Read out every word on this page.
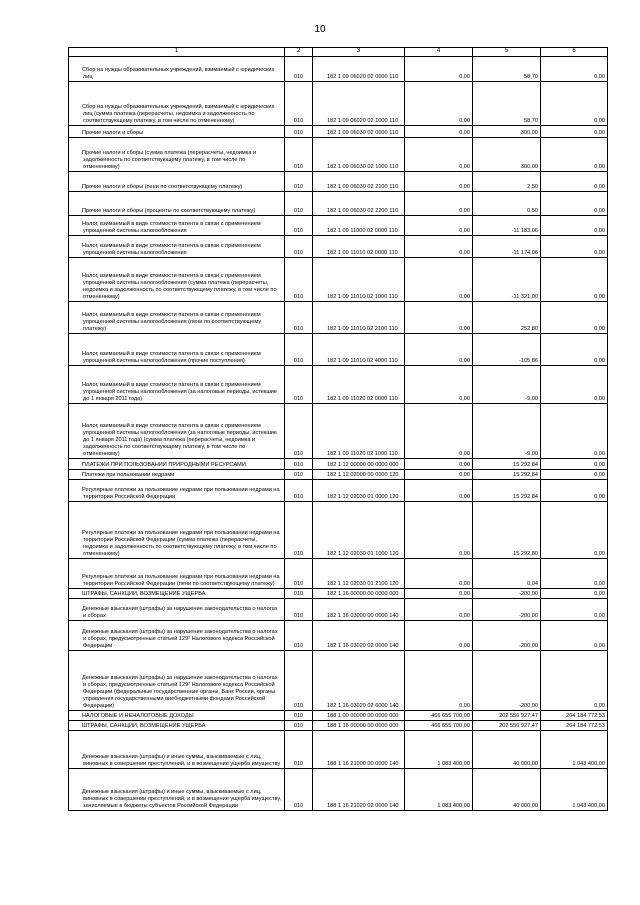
10
1	2	3	4	5	6
Сбор на нужды образовательных учреждений, взимаемый с юридических лиц	010	182 1 09 06020 02 0000 110	0,00	58,70	0,00
Сбор на нужды образовательных учреждений, взимаемый с юридических лиц (сумма платежа (перерасчеты, недоимка и задолженность по соответствующему платежу, в том числе по отмененному)	010	182 1 09 06020 02 1000 110	0,00	58,70	0,00
Прочие налоги и сборы	010	182 1 09 06030 02 0000 110	0,00	300,00	0,00
Прочие налоги и сборы (сумма платежа (перерасчеты, недоимка и задолженность по соответствующему платежу, в том числе по отмененному)	010	182 1 09 06030 02 1000 110	0,00	300,00	0,00
Прочие налоги и сборы (пени по соответствующему платежу)	010	182 1 09 06030 02 2100 110	0,00	2,50	0,00
Прочие налоги и сборы (проценты по соответствующему платежу)	010	182 1 09 06030 02 2200 110	0,00	0,50	0,00
Налог, взимаемый в виде стоимости патента в связи с применением упрощенной системы налогообложения	010	182 1 09 11000 02 0000 110	0,00	-11 183,06	0,00
Налог, взимаемый в виде стоимости патента в связи с применением упрощенной системы налогообложения	010	182 1 09 11010 02 0000 110	0,00	-11 174,06	0,00
Налог, взимаемый в виде стоимости патента в связи с применением упрощенной системы налогообложения (сумма платежа (перерасчеты, недоимка и задолженность по соответствующему платежу, в том числе по отмененному)	010	182 1 09 11010 02 1000 110	0,00	-11 321,00	0,00
Налог, взимаемый в виде стоимости патента в связи с применением упрощенной системы налогообложения (пени по соответствующему платежу)	010	182 1 09 11010 02 2100 110	0,00	252,80	0,00
Налог, взимаемый в виде стоимости патента в связи с применением упрощенной системы налогообложения (прочие поступления)	010	182 1 09 11010 02 4000 110	0,00	-105,86	0,00
Налог, взимаемый в виде стоимости патента в связи с применением упрощенной системы налогообложения (за налоговые периоды, истекшие до 1 января 2011 года)	010	182 1 09 11020 02 0000 110	0,00	-9,00	0,00
Налог, взимаемый в виде стоимости патента в связи с применением упрощенной системы налогообложения (за налоговые периоды, истекшие до 1 января 2011 года) (сумма платежа (перерасчеты, недоимка и задолженность по соответствующему платежу, в том числе по отмененному)	010	182 1 09 11020 02 1000 110	0,00	-9,00	0,00
ПЛАТЕЖИ ПРИ ПОЛЬЗОВАНИИ ПРИРОДНЫМИ РЕСУРСАМИ	010	182 1 12 00000 00 0000 000	0,00	15 292,84	0,00
Платежи при пользовании недрами	010	182 1 12 02000 00 0000 120	0,00	15 292,84	0,00
Регулярные платежи за пользование недрами при пользовании недрами на территории Российской Федерации	010	182 1 12 02030 01 0000 120	0,00	15 292,84	0,00
Регулярные платежи за пользование недрами при пользовании недрами на территории Российской Федерации (сумма платежа (перерасчеты, недоимка и задолженность по соответствующему платежу, в том числе по отмененному)	010	182 1 12 02030 01 1000 120	0,00	15 292,80	0,00
Регулярные платежи за пользование недрами при пользовании недрами на территории Российской Федерации (пени по соответствующему платежу)	010	182 1 12 02030 01 2100 120	0,00	0,04	0,00
ШТРАФЫ, САНКЦИИ, ВОЗМЕЩЕНИЕ УЩЕРБА	010	182 1 16 00000 00 0000 000	0,00	-200,00	0,00
Денежные взыскания (штрафы) за нарушение законодательства о налогах и сборах	010	182 1 16 03000 00 0000 140	0,00	-200,00	0,00
Денежные взыскания (штрафы) за нарушение законодательства о налогах и сборах, предусмотренные статьей 129² Налогового кодекса Российской Федерации	010	182 1 16 03020 02 0000 140	0,00	-200,00	0,00
Денежные взыскания (штрафы) за нарушение законодательства о налогах и сборах, предусмотренные статьей 129² Налогового кодекса Российской Федерации (федеральные государственные органы, Банк России, органы управления государственными внебюджетными фондами Российской Федерации)	010	182 1 16 03020 02 6000 140	0,00	-200,00	0,00
НАЛОГОВЫЕ И НЕНАЛОГОВЫЕ ДОХОДЫ	010	188 1 00 00000 00 0000 000	466 655 700,00	202 556 927,47	264 184 772,53
ШТРАФЫ, САНКЦИИ, ВОЗМЕЩЕНИЕ УЩЕРБА	010	188 1 16 00000 00 0000 000	466 655 700,00	202 556 927,47	264 184 772,53
Денежные взыскания (штрафы) и иные суммы, взыскиваемые с лиц, виновных в совершении преступлений, и в возмещение ущерба имуществу	010	188 1 16 21000 00 0000 140	1 083 400,00	40 000,00	1 043 400,00
Денежные взыскания (штрафы) и иные суммы, взыскиваемые с лиц, виновных в совершении преступлений, и в возмещение ущерба имуществу, зачисляемые в бюджеты субъектов Российской Федерации	010	188 1 16 21020 02 0000 140	1 083 400,00	40 000,00	1 043 400,00
